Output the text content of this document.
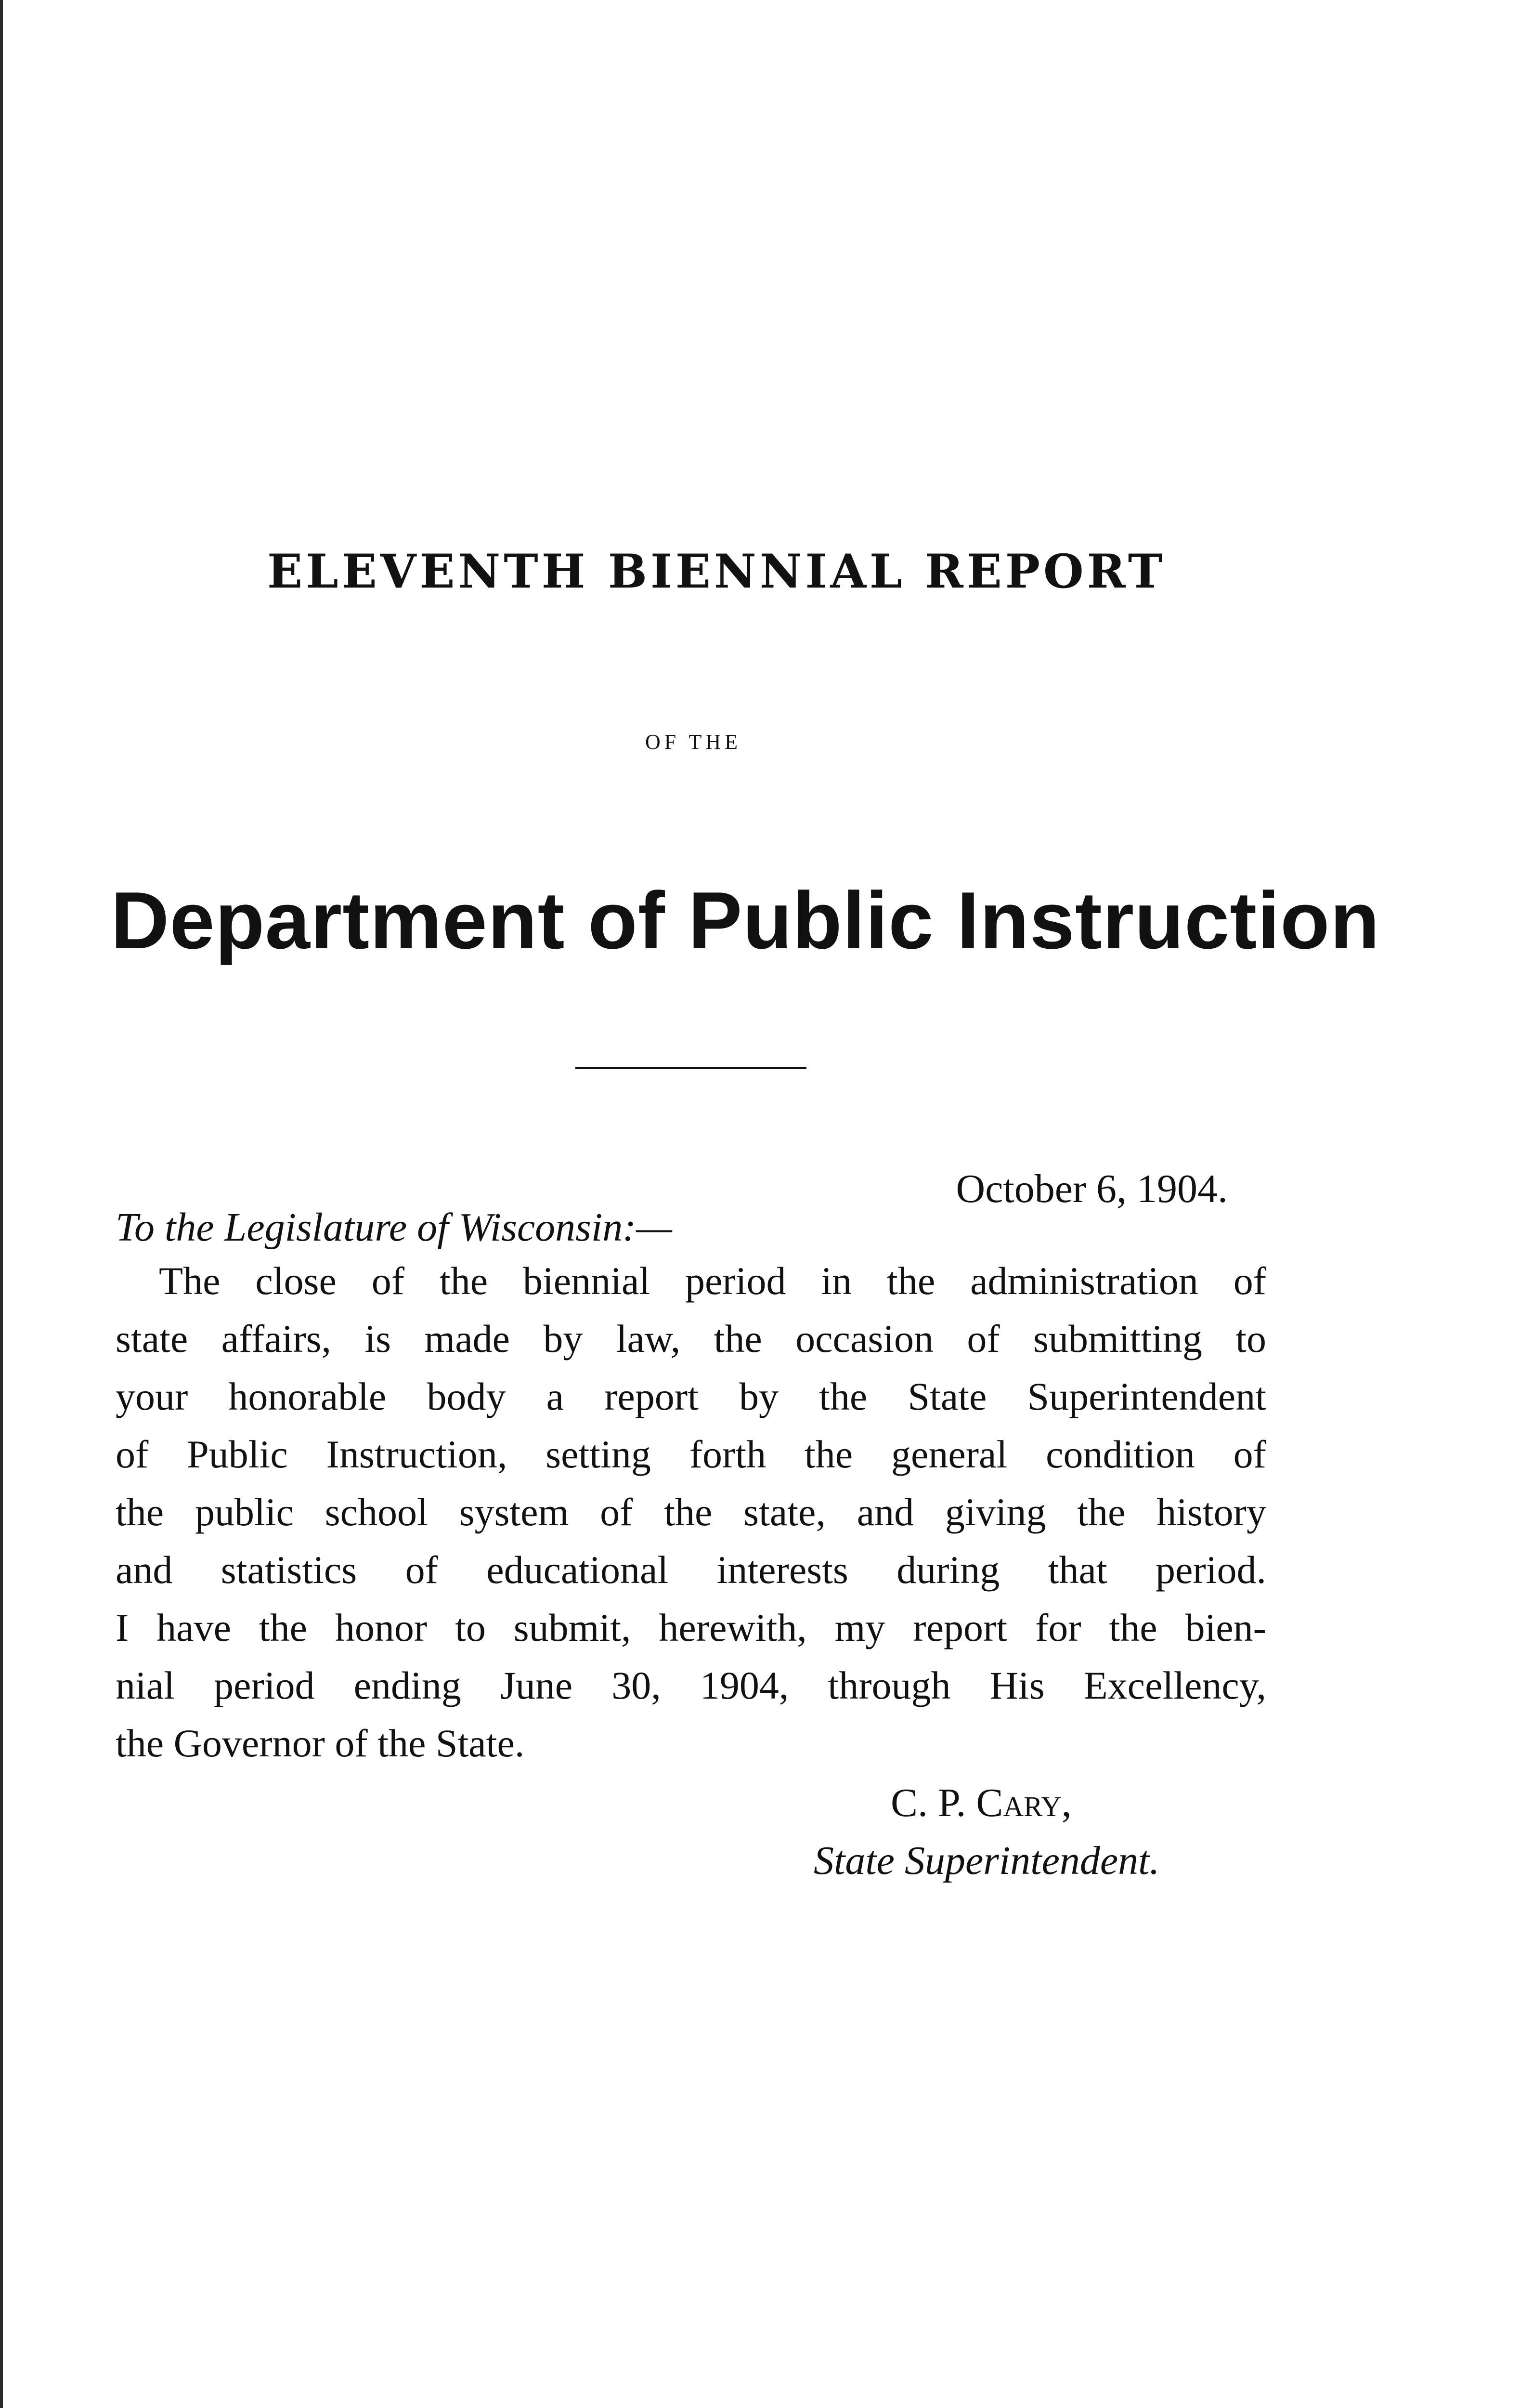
ELEVENTH BIENNIAL REPORT
OF THE
Department of Public Instruction
October 6, 1904.
To the Legislature of Wisconsin:—
The close of the biennial period in the administration of
state affairs, is made by law, the occasion of submitting to
your honorable body a report by the State Superintendent
of Public Instruction, setting forth the general condition of
the public school system of the state, and giving the history
and statistics of educational interests during that period.
I have the honor to submit, herewith, my report for the bien-
nial period ending June 30, 1904, through His Excellency,
the Governor of the State.
C. P. Cary,
State Superintendent.
